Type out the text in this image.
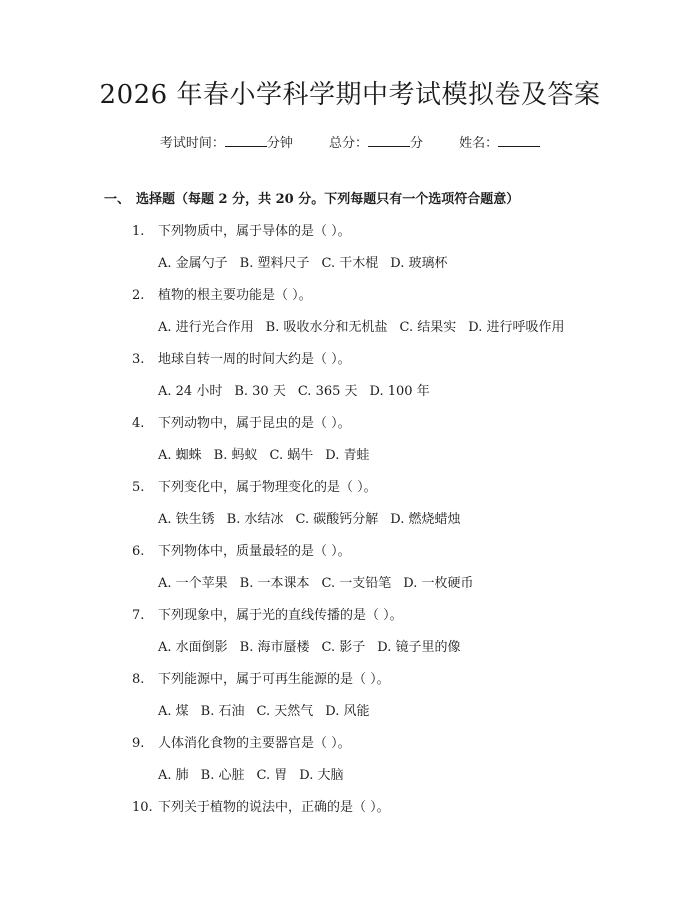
2026 年春小学科学期中考试模拟卷及答案
考试时间：	分钟	总分：	分	姓名：
一、 选择题（每题 2 分，共 20 分。下列每题只有一个选项符合题意）
1. 下列物质中，属于导体的是（ ）。
A. 金属勺子 B. 塑料尺子 C. 干木棍 D. 玻璃杯
2. 植物的根主要功能是（ ）。
A. 进行光合作用 B. 吸收水分和无机盐 C. 结果实 D. 进行呼吸作用
3. 地球自转一周的时间大约是（ ）。
A. 24 小时 B. 30 天 C. 365 天 D. 100 年
4. 下列动物中，属于昆虫的是（ ）。
A. 蜘蛛 B. 蚂蚁 C. 蜗牛 D. 青蛙
5. 下列变化中，属于物理变化的是（ ）。
A. 铁生锈 B. 水结冰 C. 碳酸钙分解 D. 燃烧蜡烛
6. 下列物体中，质量最轻的是（ ）。
A. 一个苹果 B. 一本课本 C. 一支铅笔 D. 一枚硬币
7. 下列现象中，属于光的直线传播的是（ ）。
A. 水面倒影 B. 海市蜃楼 C. 影子 D. 镜子里的像
8. 下列能源中，属于可再生能源的是（ ）。
A. 煤 B. 石油 C. 天然气 D. 风能
9. 人体消化食物的主要器官是（ ）。
A. 肺 B. 心脏 C. 胃 D. 大脑
10. 下列关于植物的说法中，正确的是（ ）。
